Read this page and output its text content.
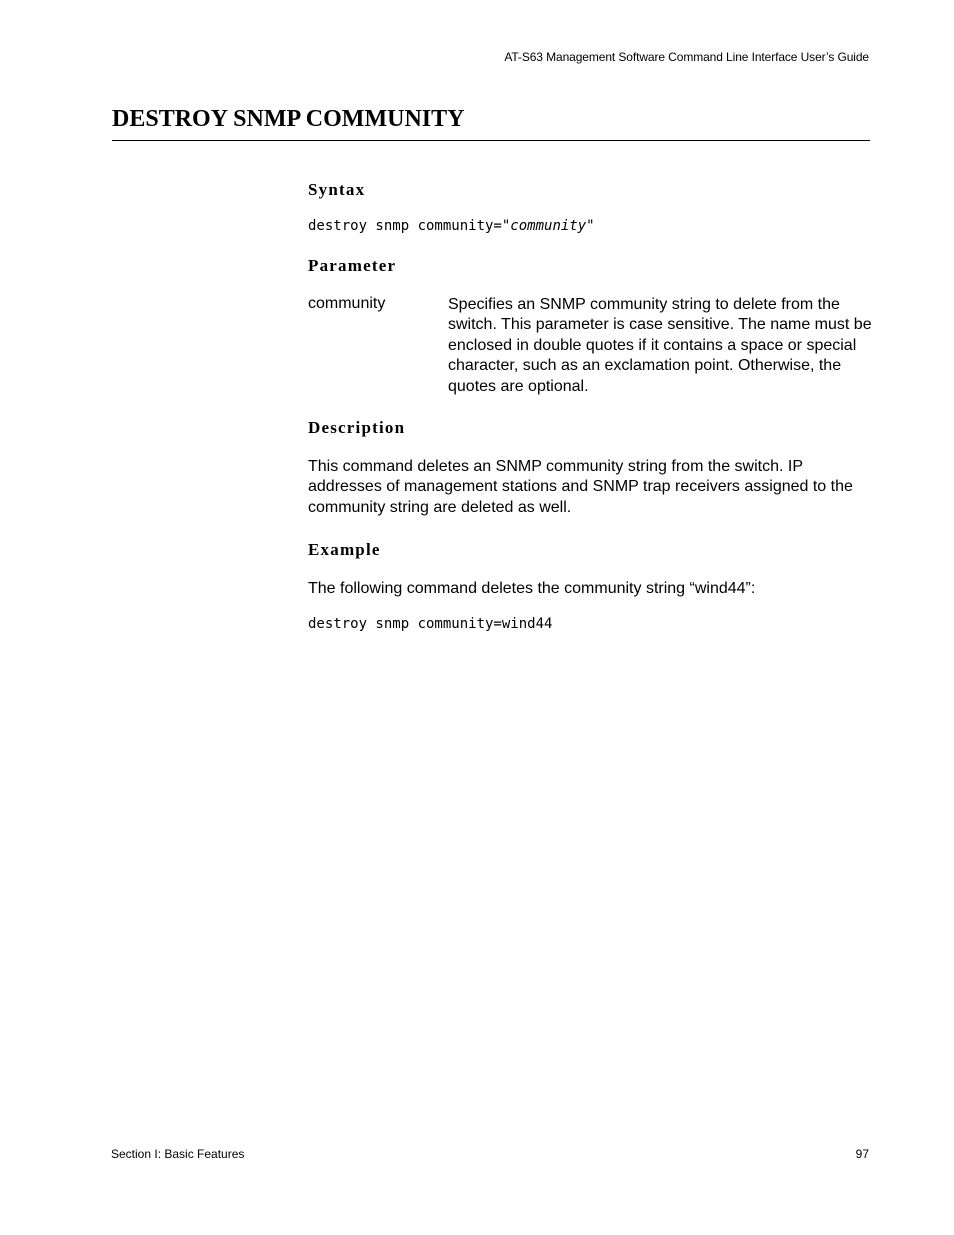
AT-S63 Management Software Command Line Interface User’s Guide
DESTROY SNMP COMMUNITY
Syntax
destroy snmp community="community"
Parameter
community	Specifies an SNMP community string to delete from the switch. This parameter is case sensitive. The name must be enclosed in double quotes if it contains a space or special character, such as an exclamation point. Otherwise, the quotes are optional.
Description
This command deletes an SNMP community string from the switch. IP addresses of management stations and SNMP trap receivers assigned to the community string are deleted as well.
Example
The following command deletes the community string “wind44”:
destroy snmp community=wind44
Section I: Basic Features	97
